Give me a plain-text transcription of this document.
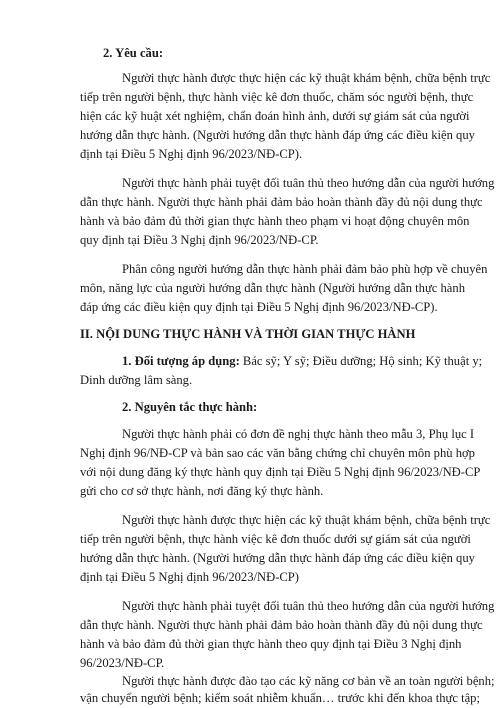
2. Yêu cầu:
Người thực hành được thực hiện các kỹ thuật khám bệnh, chữa bệnh trực
tiếp trên người bệnh, thực hành việc kê đơn thuốc, chăm sóc người bệnh, thực
hiện các kỹ huật xét nghiệm, chẩn đoán hình ảnh, dưới sự giám sát của người
hướng dẫn thực hành. (Người hướng dẫn thực hành đáp ứng các điều kiện quy
định tại Điều 5 Nghị định 96/2023/NĐ-CP).
Người thực hành phải tuyệt đối tuân thủ theo hướng dẫn của người hướng
dẫn thực hành. Người thực hành phải đảm bảo hoàn thành đầy đủ nội dung thực
hành và bảo đảm đủ thời gian thực hành theo phạm vi hoạt động chuyên môn
quy định tại Điều 3 Nghị định 96/2023/NĐ-CP.
Phân công người hướng dẫn thực hành phải đảm bảo phù hợp về chuyên
môn, năng lực của người hướng dẫn thực hành (Người hướng dẫn thực hành
đáp ứng các điều kiện quy định tại Điều 5 Nghị định 96/2023/NĐ-CP).
II. NỘI DUNG THỰC HÀNH VÀ THỜI GIAN THỰC HÀNH
1. Đối tượng áp dụng: Bác sỹ; Y sỹ; Điều dưỡng; Hộ sinh; Kỹ thuật y;
Dinh dưỡng lâm sàng.
2. Nguyên tắc thực hành:
Người thực hành phải có đơn đề nghị thực hành theo mẫu 3, Phụ lục I
Nghị định 96/NĐ-CP và bản sao các văn bằng chứng chỉ chuyên môn phù hợp
với nội dung đăng ký thực hành quy định tại Điều 5 Nghị định 96/2023/NĐ-CP
gửi cho cơ sở thực hành, nơi đăng ký thực hành.
Người thực hành được thực hiện các kỹ thuật khám bệnh, chữa bệnh trực
tiếp trên người bệnh, thực hành việc kê đơn thuốc dưới sự giám sát của người
hướng dẫn thực hành. (Người hướng dẫn thực hành đáp ứng các điều kiện quy
định tại Điều 5 Nghị định 96/2023/NĐ-CP)
Người thực hành phải tuyệt đối tuân thủ theo hướng dẫn của người hướng
dẫn thực hành. Người thực hành phải đảm bảo hoàn thành đầy đủ nội dung thực
hành và bảo đảm đủ thời gian thực hành theo quy định tại Điều 3 Nghị định
96/2023/NĐ-CP.
Người thực hành được đào tạo các kỹ năng cơ bản về an toàn người bệnh;
vận chuyển người bệnh; kiểm soát nhiễm khuẩn… trước khi đến khoa thực tập;
